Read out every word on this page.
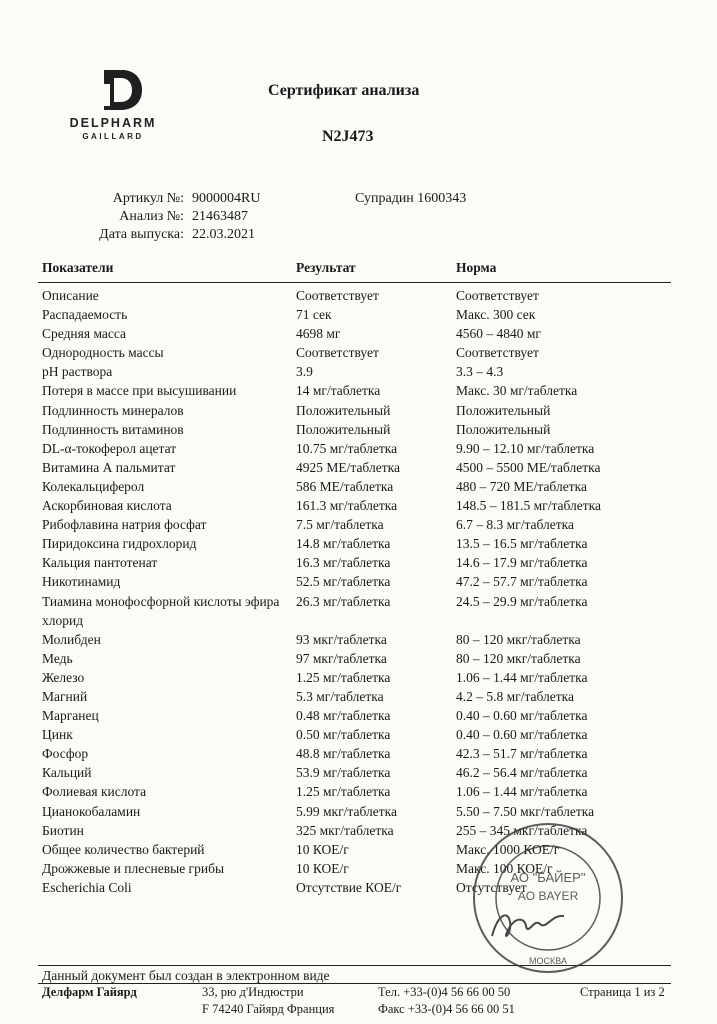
DELPHARM
GAILLARD
Сертификат анализа
N2J473
Артикул №: 9000004RU
Анализ №: 21463487
Дата выпуска: 22.03.2021
Супрадин 1600343
Показатели	Результат	Норма
Описание	Соответствует	Соответствует
Распадаемость	71 сек	Макс. 300 сек
Средняя масса	4698 мг	4560 – 4840 мг
Однородность массы	Соответствует	Соответствует
pH раствора	3.9	3.3 – 4.3
Потеря в массе при высушивании	14 мг/таблетка	Макс. 30 мг/таблетка
Подлинность минералов	Положительный	Положительный
Подлинность витаминов	Положительный	Положительный
DL-α-токоферол ацетат	10.75 мг/таблетка	9.90 – 12.10 мг/таблетка
Витамина А пальмитат	4925 МЕ/таблетка	4500 – 5500 МЕ/таблетка
Колекальциферол	586 МЕ/таблетка	480 – 720 МЕ/таблетка
Аскорбиновая кислота	161.3 мг/таблетка	148.5 – 181.5 мг/таблетка
Рибофлавина натрия фосфат	7.5 мг/таблетка	6.7 – 8.3 мг/таблетка
Пиридоксина гидрохлорид	14.8 мг/таблетка	13.5 – 16.5 мг/таблетка
Кальция пантотенат	16.3 мг/таблетка	14.6 – 17.9 мг/таблетка
Никотинамид	52.5 мг/таблетка	47.2 – 57.7 мг/таблетка
Тиамина монофосфорной кислоты эфира хлорид
26.3 мг/таблетка	24.5 – 29.9 мг/таблетка
Молибден	93 мкг/таблетка	80 – 120 мкг/таблетка
Медь	97 мкг/таблетка	80 – 120 мкг/таблетка
Железо	1.25 мг/таблетка	1.06 – 1.44 мг/таблетка
Магний	5.3 мг/таблетка	4.2 – 5.8 мг/таблетка
Марганец	0.48 мг/таблетка	0.40 – 0.60 мг/таблетка
Цинк	0.50 мг/таблетка	0.40 – 0.60 мг/таблетка
Фосфор	48.8 мг/таблетка	42.3 – 51.7 мг/таблетка
Кальций	53.9 мг/таблетка	46.2 – 56.4 мг/таблетка
Фолиевая кислота	1.25 мг/таблетка	1.06 – 1.44 мг/таблетка
Цианокобаламин	5.99 мкг/таблетка	5.50 – 7.50 мкг/таблетка
Биотин	325 мкг/таблетка	255 – 345 мкг/таблетка
Общее количество бактерий	10 КОЕ/г	Макс. 1000 КОЕ/г
Дрожжевые и плесневые грибы	10 КОЕ/г	Макс. 100 КОЕ/г
Escherichia Coli	Отсутствие КОЕ/г	Отсутствует
Данный документ был создан в электронном виде
Делфарм Гайярд	33, рю д'Индюстри
F 74240 Гайярд Франция
Тел. +33-(0)4 56 66 00 50
Факс +33-(0)4 56 66 00 51
Страница 1 из 2
АО "БАЙЕР"
AO BAYER
МОСКВА
